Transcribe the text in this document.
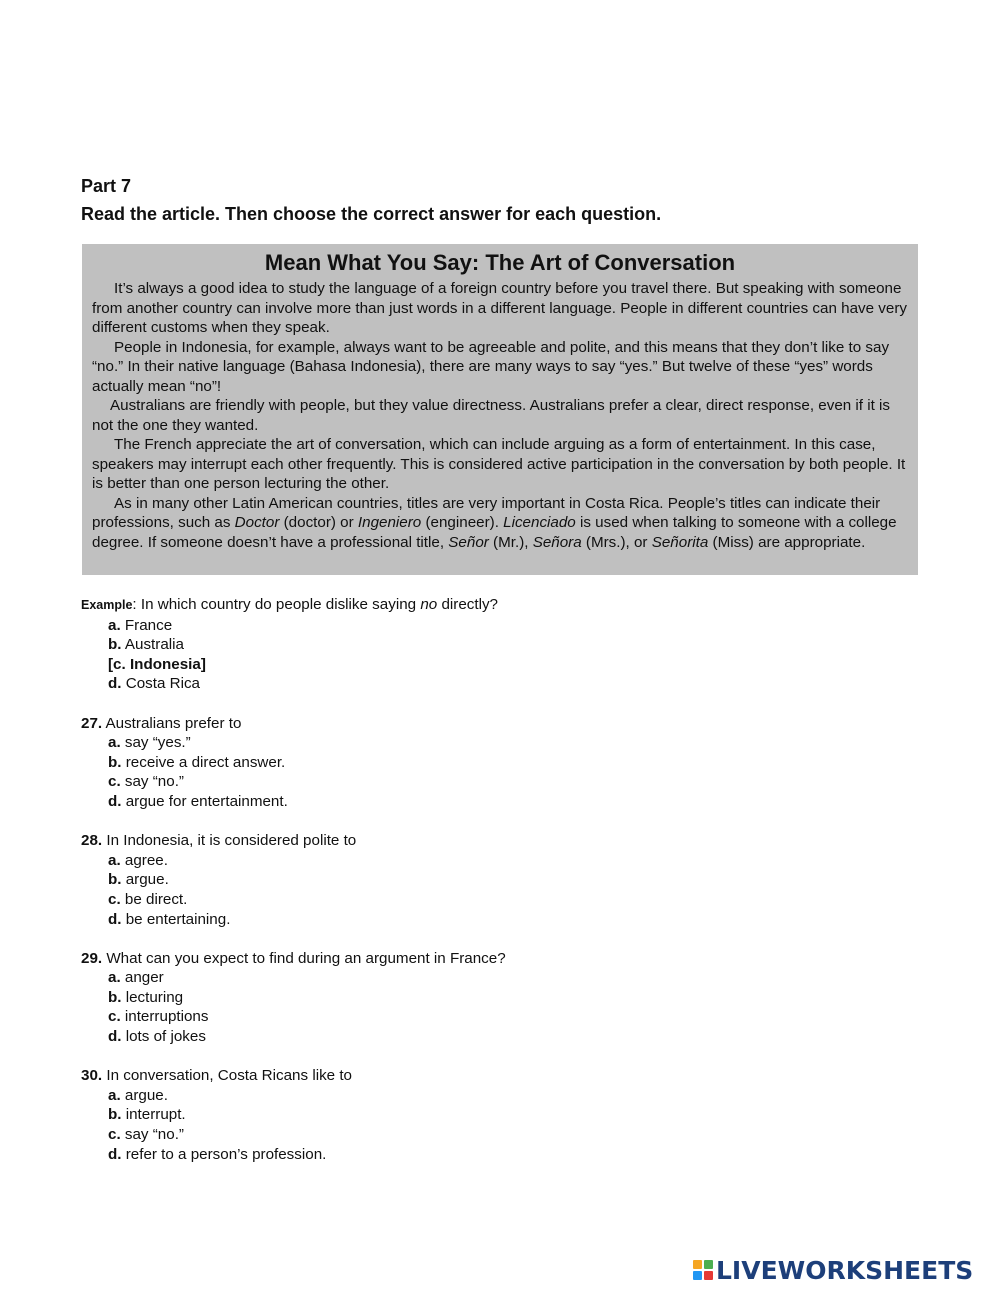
Part 7
Read the article. Then choose the correct answer for each question.
Mean What You Say: The Art of Conversation

It’s always a good idea to study the language of a foreign country before you travel there. But speaking with someone from another country can involve more than just words in a different language. People in different countries can have very different customs when they speak.

People in Indonesia, for example, always want to be agreeable and polite, and this means that they don’t like to say “no.” In their native language (Bahasa Indonesia), there are many ways to say “yes.” But twelve of these “yes” words actually mean “no”!

Australians are friendly with people, but they value directness. Australians prefer a clear, direct response, even if it is not the one they wanted.

The French appreciate the art of conversation, which can include arguing as a form of entertainment. In this case, speakers may interrupt each other frequently. This is considered active participation in the conversation by both people. It is better than one person lecturing the other.

As in many other Latin American countries, titles are very important in Costa Rica. People’s titles can indicate their professions, such as Doctor (doctor) or Ingeniero (engineer). Licenciado is used when talking to someone with a college degree. If someone doesn’t have a professional title, Señor (Mr.), Señora (Mrs.), or Señorita (Miss) are appropriate.

Example: In which country do people dislike saying no directly?
a. France
b. Australia
[c. Indonesia]
d. Costa Rica
27. Australians prefer to
a. say “yes.”
b. receive a direct answer.
c. say “no.”
d. argue for entertainment.
28. In Indonesia, it is considered polite to
a. agree.
b. argue.
c. be direct.
d. be entertaining.
29. What can you expect to find during an argument in France?
a. anger
b. lecturing
c. interruptions
d. lots of jokes
30. In conversation, Costa Ricans like to
a. argue.
b. interrupt.
c. say “no.”
d. refer to a person’s profession.
LIVEWORKSHEETS
